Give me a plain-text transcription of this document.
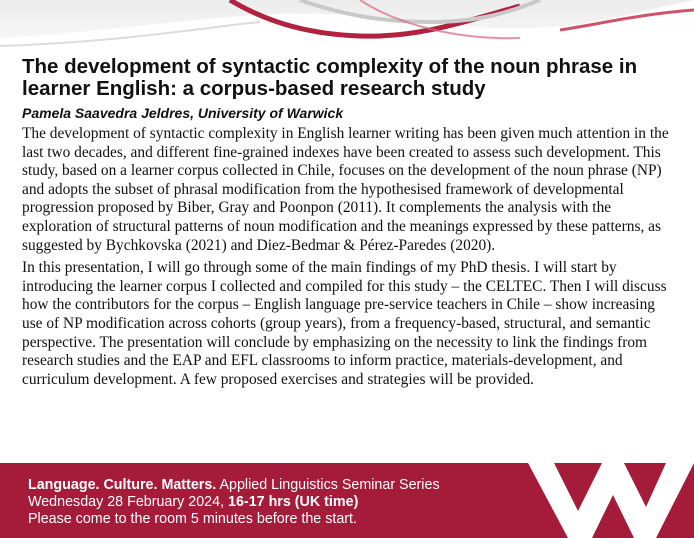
The development of syntactic complexity of the noun phrase in learner English: a corpus-based research study
Pamela Saavedra Jeldres, University of Warwick

The development of syntactic complexity in English learner writing has been given much attention in the last two decades, and different fine-grained indexes have been created to assess such development. This study, based on a learner corpus collected in Chile, focuses on the development of the noun phrase (NP) and adopts the subset of phrasal modification from the hypothesised framework of developmental progression proposed by Biber, Gray and Poonpon (2011). It complements the analysis with the exploration of structural patterns of noun modification and the meanings expressed by these patterns, as suggested by Bychkovska (2021) and Diez-Bedmar & Pérez-Paredes (2020).

In this presentation, I will go through some of the main findings of my PhD thesis. I will start by introducing the learner corpus I collected and compiled for this study – the CELTEC. Then I will discuss how the contributors for the corpus – English language pre-service teachers in Chile – show increasing use of NP modification across cohorts (group years), from a frequency-based, structural, and semantic perspective. The presentation will conclude by emphasizing on the necessity to link the findings from research studies and the EAP and EFL classrooms to inform practice, materials-development, and curriculum development. A few proposed exercises and strategies will be provided.

Language. Culture. Matters. Applied Linguistics Seminar Series
Wednesday 28 February 2024, 16-17 hrs (UK time)
Please come to the room 5 minutes before the start.
